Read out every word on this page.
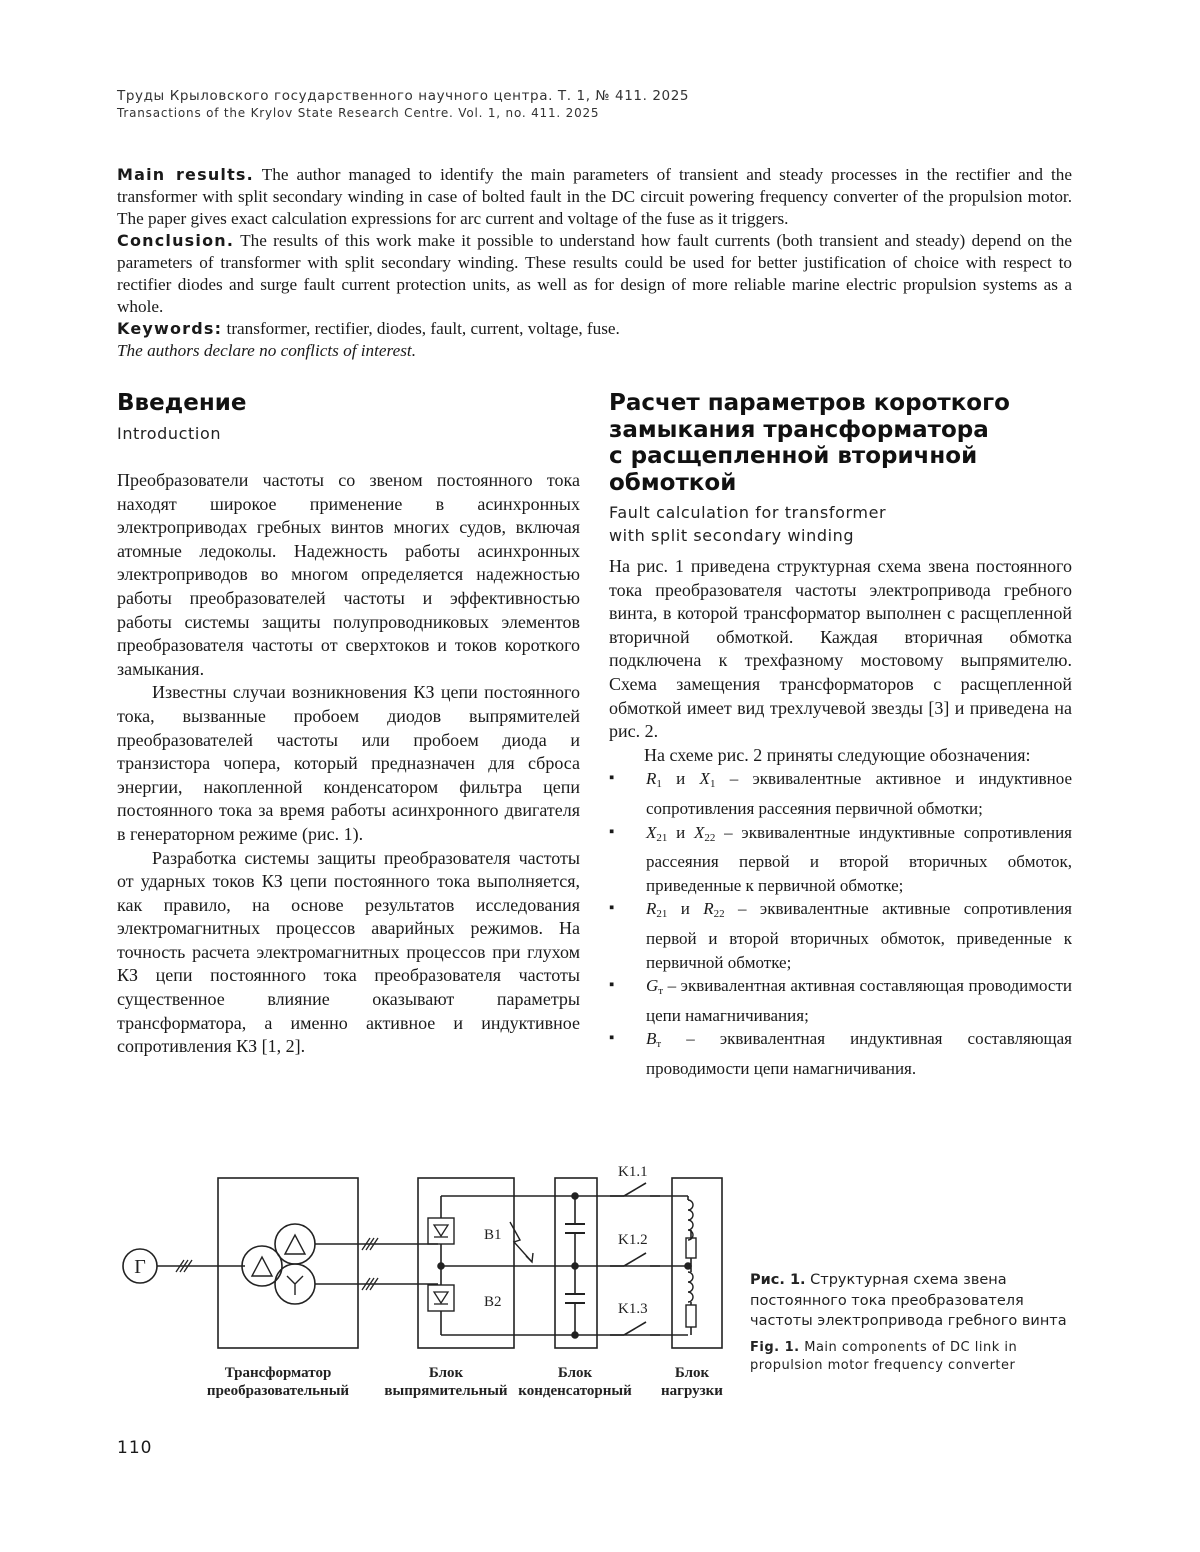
Труды Крыловского государственного научного центра. Т. 1, № 411. 2025
Transactions of the Krylov State Research Centre. Vol. 1, no. 411. 2025

Main results. The author managed to identify the main parameters of transient and steady processes in the rectifier and the transformer with split secondary winding in case of bolted fault in the DC circuit powering frequency converter of the propulsion motor. The paper gives exact calculation expressions for arc current and voltage of the fuse as it triggers.

Conclusion. The results of this work make it possible to understand how fault currents (both transient and steady) depend on the parameters of transformer with split secondary winding. These results could be used for better justification of choice with respect to rectifier diodes and surge fault current protection units, as well as for design of more reliable marine electric propulsion systems as a whole.

Keywords: transformer, rectifier, diodes, fault, current, voltage, fuse.

The authors declare no conflicts of interest.

Введение
Introduction

Преобразователи частоты со звеном постоянного тока находят широкое применение в асинхронных электроприводах гребных винтов многих судов, включая атомные ледоколы. Надежность работы асинхронных электроприводов во многом определяется надежностью работы преобразователей частоты и эффективностью работы системы защиты полупроводниковых элементов преобразователя частоты от сверхтоков и токов короткого замыкания.

Известны случаи возникновения КЗ цепи постоянного тока, вызванные пробоем диодов выпрямителей преобразователей частоты или пробоем диода и транзистора чопера, который предназначен для сброса энергии, накопленной конденсатором фильтра цепи постоянного тока за время работы асинхронного двигателя в генераторном режиме (рис. 1).

Разработка системы защиты преобразователя частоты от ударных токов КЗ цепи постоянного тока выполняется, как правило, на основе результатов исследования электромагнитных процессов аварийных режимов. На точность расчета электромагнитных процессов при глухом КЗ цепи постоянного тока преобразователя частоты существенное влияние оказывают параметры трансформатора, а именно активное и индуктивное сопротивления КЗ [1, 2].

Расчет параметров короткого
замыкания трансформатора
с расщепленной вторичной
обмоткой
Fault calculation for transformer
with split secondary winding

На рис. 1 приведена структурная схема звена постоянного тока преобразователя частоты электропривода гребного винта, в которой трансформатор выполнен с расщепленной вторичной обмоткой. Каждая вторичная обмотка подключена к трехфазному мостовому выпрямителю. Схема замещения трансформаторов с расщепленной обмоткой имеет вид трехлучевой звезды [3] и приведена на рис. 2.

На схеме рис. 2 приняты следующие обозначения:

▪ $R_1$ и $X_1$ – эквивалентные активное и индуктивное сопротивления рассеяния первичной обмотки;
▪ $X_{21}$ и $X_{22}$ – эквивалентные индуктивные сопротивления рассеяния первой и второй вторичных обмоток, приведенные к первичной обмотке;
▪ $R_{21}$ и $R_{22}$ – эквивалентные активные сопротивления первой и второй вторичных обмоток, приведенные к первичной обмотке;
▪ $G_т$ – эквивалентная активная составляющая проводимости цепи намагничивания;
▪ $B_т$ – эквивалентная индуктивная составляющая проводимости цепи намагничивания.
Г
B1
B2
K1.1
K1.2
K1.3
Трансформатор
преобразовательный
Блок
выпрямительный
Блок
конденсаторный
Блок
нагрузки
Рис. 1. Структурная схема звена постоянного тока преобразователя частоты электропривода гребного винта
Fig. 1. Main components of DC link in propulsion motor frequency converter
110
